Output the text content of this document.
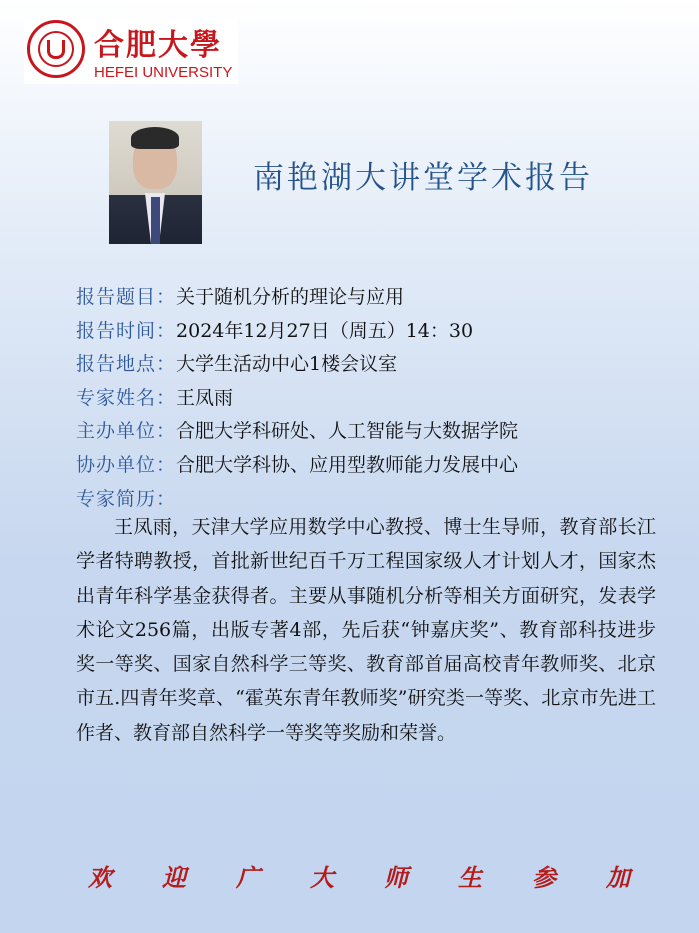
合肥大學
HEFEI UNIVERSITY
南艳湖大讲堂学术报告
报告题目：关于随机分析的理论与应用
报告时间：2024年12月27日（周五）14：30
报告地点：大学生活动中心1楼会议室
专家姓名：王凤雨
主办单位：合肥大学科研处、人工智能与大数据学院
协办单位：合肥大学科协、应用型教师能力发展中心
专家简历：
王凤雨，天津大学应用数学中心教授、博士生导师，教育部长江学者特聘教授，首批新世纪百千万工程国家级人才计划人才，国家杰出青年科学基金获得者。主要从事随机分析等相关方面研究，发表学术论文256篇，出版专著4部，先后获“钟嘉庆奖”、教育部科技进步奖一等奖、国家自然科学三等奖、教育部首届高校青年教师奖、北京市五.四青年奖章、“霍英东青年教师奖”研究类一等奖、北京市先进工作者、教育部自然科学一等奖等奖励和荣誉。
欢迎广大师生参加
